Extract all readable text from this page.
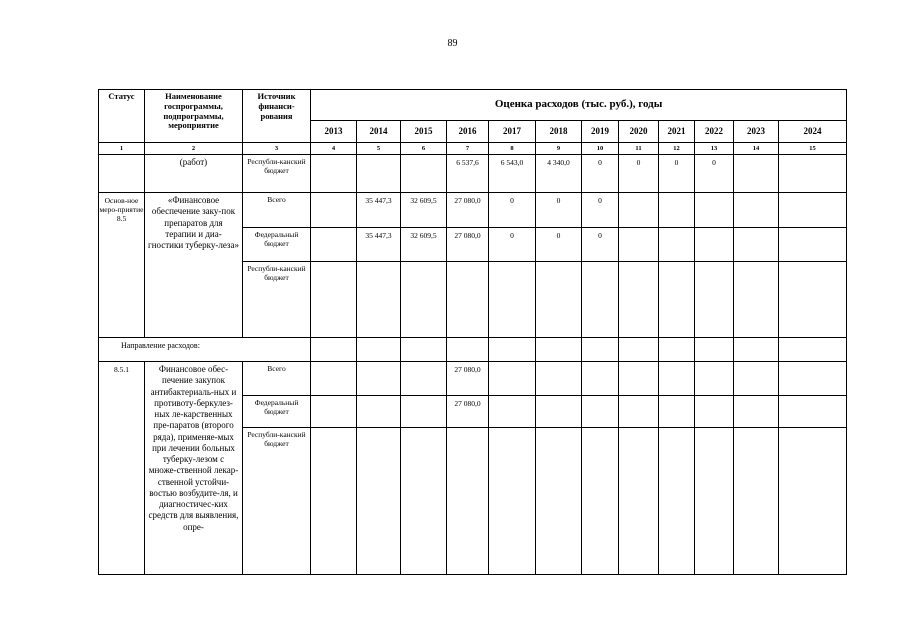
89
Статус	Наименование госпрограммы, подпрограммы, мероприятие	Источник финанси-рования	Оценка расходов (тыс. руб.), годы											
			2013	2014	2015	2016	2017	2018	2019	2020	2021	2022	2023	2024
1	2	3	4	5	6	7	8	9	10	11	12	13	14	15
	(работ)	Республи-канский бюджет				6 537,6	6 543,0	4 340,0	0	0	0	0		
Основ-ное меро-приятие 8.5	«Финансовое обеспечение заку-пок препаратов для терапии и диа-гностики туберку-леза»	Всего		35 447,3	32 609,5	27 080,0	0	0	0					
		Федеральный бюджет		35 447,3	32 609,5	27 080,0	0	0	0					
		Республи-канский бюджет												
Направление расходов:														
8.5.1	Финансовое обес-печение закупок антибактериаль-ных и противоту-беркулез-ных ле-карственных пре-паратов (второго ряда), применяе-мых при лечении больных туберку-лезом с множе-ственной лекар-ственной устойчи-востью возбудите-ля, и диагностичес-ких средств для выявления, опре-	Всего				27 080,0								
		Федеральный бюджет				27 080,0								
		Республи-канский бюджет												
